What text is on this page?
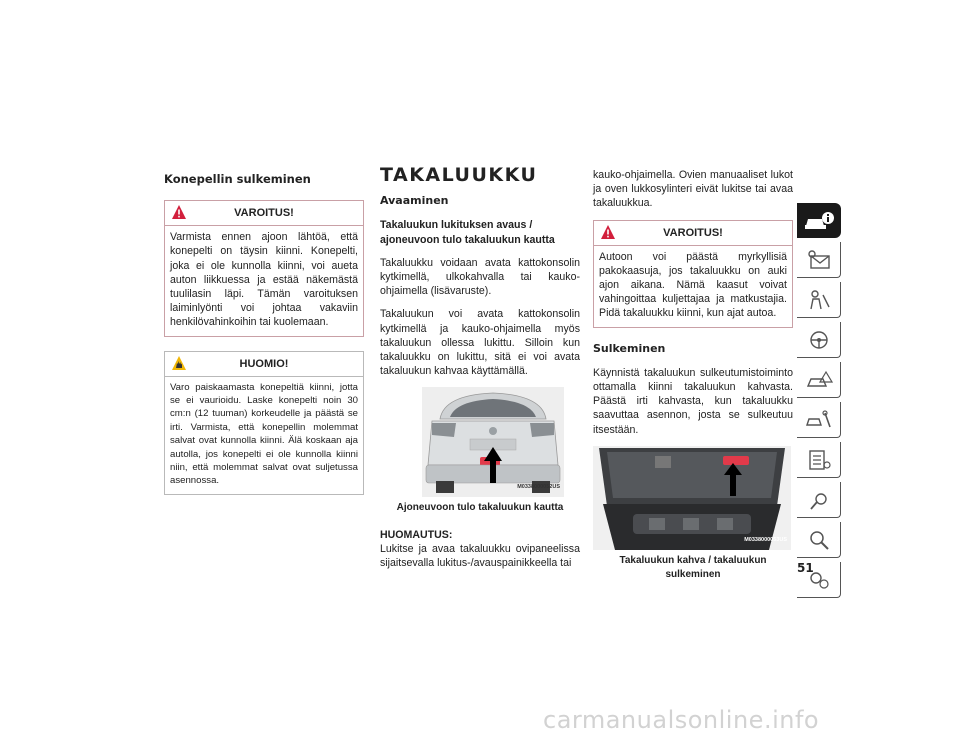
Konepellin sulkeminen
VAROITUS!
Varmista ennen ajoon lähtöä, että konepelti on täysin kiinni. Konepelti, joka ei ole kunnolla kiinni, voi aueta auton liikkuessa ja estää näkemästä tuulilasin läpi. Tämän varoituksen laiminlyönti voi johtaa vakaviin henkilövahinkoihin tai kuolemaan.
HUOMIO!
Varo paiskaamasta konepeltiä kiinni, jotta se ei vaurioidu. Laske konepelti noin 30 cm:n (12 tuuman) korkeudelle ja päästä se irti. Varmista, että konepellin molemmat salvat ovat kunnolla kiinni. Älä koskaan aja autolla, jos konepelti ei ole kunnolla kiinni niin, että molemmat salvat ovat suljetussa asennossa.
TAKALUUKKU
Avaaminen
Takaluukun lukituksen avaus / ajoneuvoon tulo takaluukun kautta

Takaluukku voidaan avata kattokonsolin kytkimellä, ulkokahvalla tai kauko-ohjaimella (lisävaruste).

Takaluukun voi avata kattokonsolin kytkimellä ja kauko-ohjaimella myös takaluukun ollessa lukittu. Silloin kun takaluukku on lukittu, sitä ei voi avata takaluukun kahvaa käyttämällä.

M0338000052US
Ajoneuvoon tulo takaluukun kautta
HUOMAUTUS:

Lukitse ja avaa takaluukku ovipaneelissa sijaitsevalla lukitus-/avauspainikkeella tai

kauko-ohjaimella. Ovien manuaaliset lukot ja oven lukkosylinteri eivät lukitse tai avaa takaluukkua.

VAROITUS!
Autoon voi päästä myrkyllisiä pakokaasuja, jos takaluukku on auki ajon aikana. Nämä kaasut voivat vahingoittaa kuljettajaa ja matkustajia. Pidä takaluukku kiinni, kun ajat autoa.
Sulkeminen

Käynnistä takaluukun sulkeutumistoiminto ottamalla kiinni takaluukun kahvasta. Päästä irti kahvasta, kun takaluukku saavuttaa asennon, josta se sulkeutuu itsestään.

M0338000053US
Takaluukun kahva / takaluukun sulkeminen	51
carmanualsonline.info
